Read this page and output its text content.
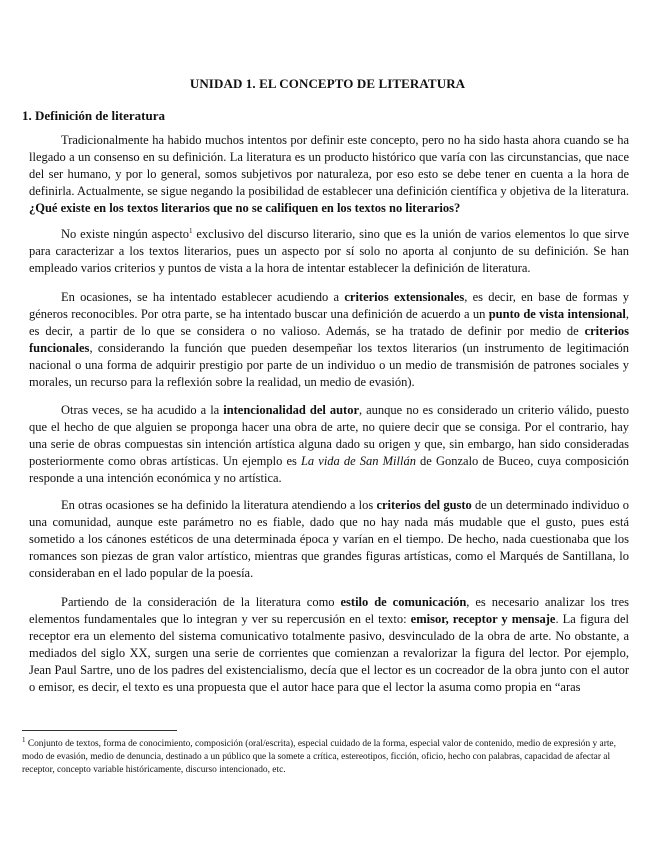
UNIDAD 1. EL CONCEPTO DE LITERATURA
1. Definición de literatura

Tradicionalmente ha habido muchos intentos por definir este concepto, pero no ha sido hasta ahora cuando se ha llegado a un consenso en su definición. La literatura es un producto histórico que varía con las circunstancias, que nace del ser humano, y por lo general, somos subjetivos por naturaleza, por eso esto se debe tener en cuenta a la hora de definirla. Actualmente, se sigue negando la posibilidad de establecer una definición científica y objetiva de la literatura. ¿Qué existe en los textos literarios que no se califiquen en los textos no literarios?

No existe ningún aspecto$^1$ exclusivo del discurso literario, sino que es la unión de varios elementos lo que sirve para caracterizar a los textos literarios, pues un aspecto por sí solo no aporta al conjunto de su definición. Se han empleado varios criterios y puntos de vista a la hora de intentar establecer la definición de literatura.

En ocasiones, se ha intentado establecer acudiendo a criterios extensionales, es decir, en base de formas y géneros reconocibles. Por otra parte, se ha intentado buscar una definición de acuerdo a un punto de vista intensional, es decir, a partir de lo que se considera o no valioso. Además, se ha tratado de definir por medio de criterios funcionales, considerando la función que pueden desempeñar los textos literarios (un instrumento de legitimación nacional o una forma de adquirir prestigio por parte de un individuo o un medio de transmisión de patrones sociales y morales, un recurso para la reflexión sobre la realidad, un medio de evasión).

Otras veces, se ha acudido a la intencionalidad del autor, aunque no es considerado un criterio válido, puesto que el hecho de que alguien se proponga hacer una obra de arte, no quiere decir que se consiga. Por el contrario, hay una serie de obras compuestas sin intención artística alguna dado su origen y que, sin embargo, han sido consideradas posteriormente como obras artísticas. Un ejemplo es La vida de San Millán de Gonzalo de Buceo, cuya composición responde a una intención económica y no artística.

En otras ocasiones se ha definido la literatura atendiendo a los criterios del gusto de un determinado individuo o una comunidad, aunque este parámetro no es fiable, dado que no hay nada más mudable que el gusto, pues está sometido a los cánones estéticos de una determinada época y varían en el tiempo. De hecho, nada cuestionaba que los romances son piezas de gran valor artístico, mientras que grandes figuras artísticas, como el Marqués de Santillana, lo consideraban en el lado popular de la poesía.

Partiendo de la consideración de la literatura como estilo de comunicación, es necesario analizar los tres elementos fundamentales que lo integran y ver su repercusión en el texto: emisor, receptor y mensaje. La figura del receptor era un elemento del sistema comunicativo totalmente pasivo, desvinculado de la obra de arte. No obstante, a mediados del siglo XX, surgen una serie de corrientes que comienzan a revalorizar la figura del lector. Por ejemplo, Jean Paul Sartre, uno de los padres del existencialismo, decía que el lector es un cocreador de la obra junto con el autor o emisor, es decir, el texto es una propuesta que el autor hace para que el lector la asuma como propia en “aras

$^1$ Conjunto de textos, forma de conocimiento, composición (oral/escrita), especial cuidado de la forma, especial valor de contenido, medio de expresión y arte, modo de evasión, medio de denuncia, destinado a un público que la somete a crítica, estereotipos, ficción, oficio, hecho con palabras, capacidad de afectar al receptor, concepto variable históricamente, discurso intencionado, etc.
